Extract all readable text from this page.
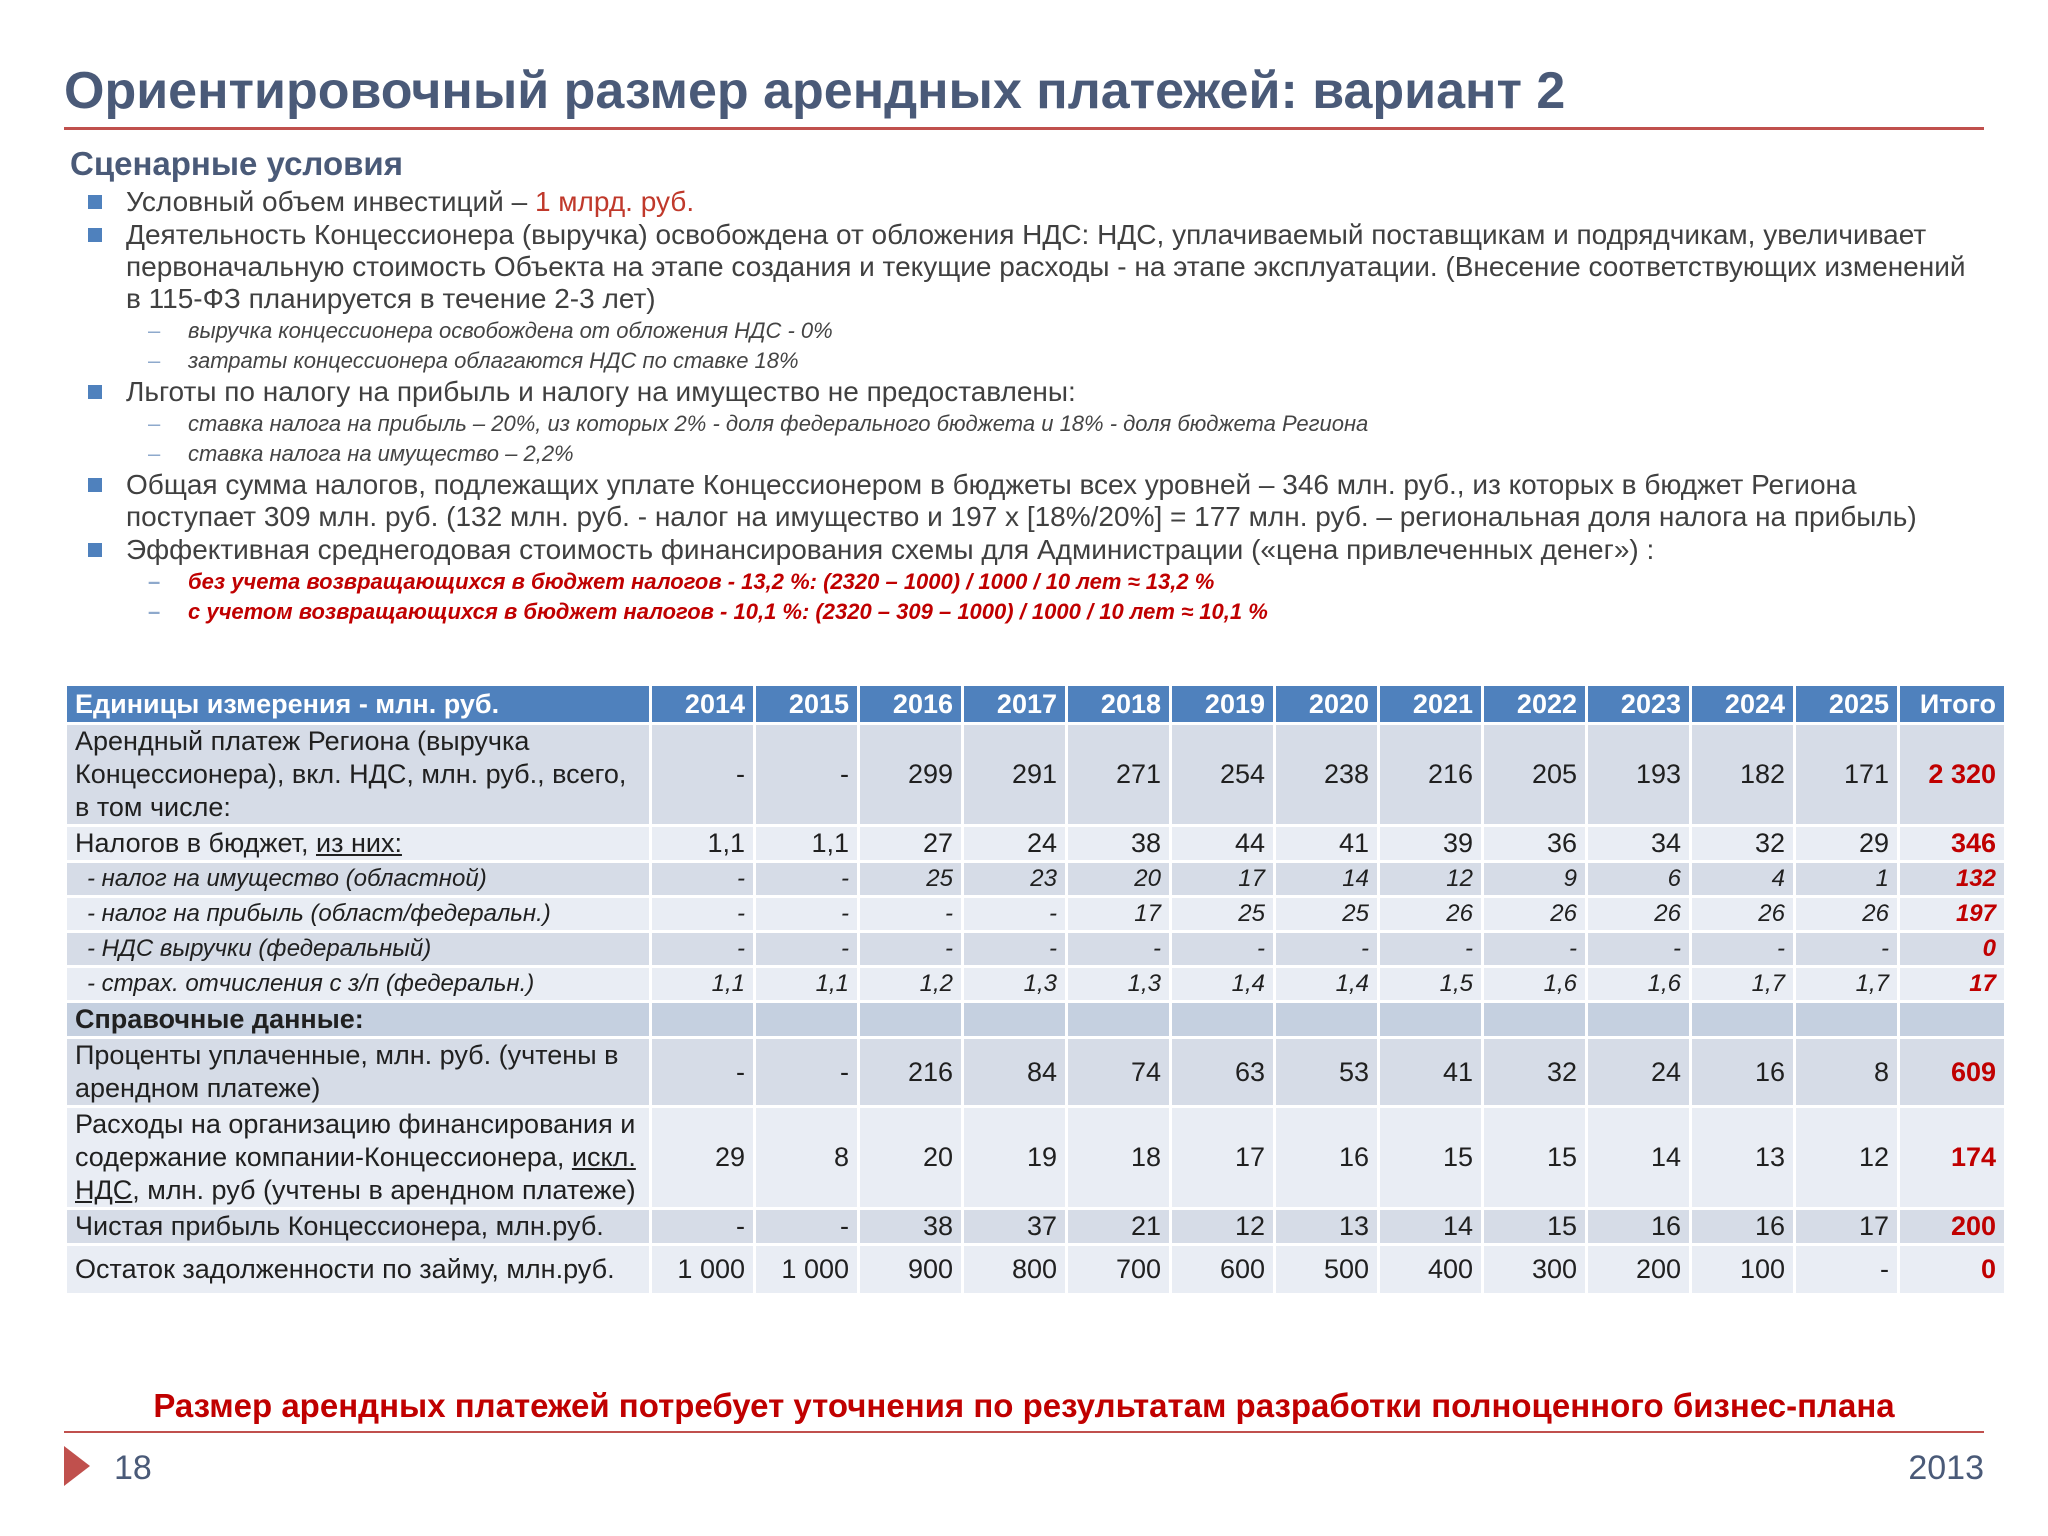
Ориентировочный размер арендных платежей: вариант 2
Сценарные условия
Условный объем инвестиций – 1 млрд. руб.
Деятельность Концессионера (выручка) освобождена от обложения НДС: НДС, уплачиваемый поставщикам и подрядчикам, увеличивает первоначальную стоимость Объекта на этапе создания и текущие расходы - на этапе эксплуатации. (Внесение соответствующих изменений в 115-ФЗ планируется в течение 2-3 лет)
– выручка концессионера освобождена от обложения НДС - 0%
– затраты концессионера облагаются НДС по ставке 18%
Льготы по налогу на прибыль и налогу на имущество не предоставлены:
– ставка налога на прибыль – 20%, из которых 2% - доля федерального бюджета и 18% - доля бюджета Региона
– ставка налога на имущество – 2,2%
Общая сумма налогов, подлежащих уплате Концессионером в бюджеты всех уровней – 346 млн. руб., из которых в бюджет Региона поступает 309 млн. руб. (132 млн. руб. - налог на имущество и 197 х [18%/20%] = 177 млн. руб. – региональная доля налога на прибыль)
Эффективная среднегодовая стоимость финансирования схемы для Администрации («цена привлеченных денег») :
– без учета возвращающихся в бюджет налогов - 13,2 %: (2320 – 1000) / 1000 / 10 лет ≈ 13,2 %
– с учетом возвращающихся в бюджет налогов - 10,1 %: (2320 – 309 – 1000) / 1000 / 10 лет ≈ 10,1 %
Единицы измерения - млн. руб.	2014	2015	2016	2017	2018	2019	2020	2021	2022	2023	2024	2025	Итого
Арендный платеж Региона (выручка Концессионера), вкл. НДС, млн. руб., всего, в том числе:	-	-	299	291	271	254	238	216	205	193	182	171	2 320
Налогов в бюджет, из них:	1,1	1,1	27	24	38	44	41	39	36	34	32	29	346
- налог на имущество (областной)	-	-	25	23	20	17	14	12	9	6	4	1	132
- налог на прибыль (област/федеральн.)	-	-	-	-	17	25	25	26	26	26	26	26	197
- НДС выручки (федеральный)	-	-	-	-	-	-	-	-	-	-	-	-	0
- страх. отчисления с з/п (федеральн.)	1,1	1,1	1,2	1,3	1,3	1,4	1,4	1,5	1,6	1,6	1,7	1,7	17
Справочные данные:													
Проценты уплаченные, млн. руб. (учтены в арендном платеже)	-	-	216	84	74	63	53	41	32	24	16	8	609
Расходы на организацию финансирования и содержание компании-Концессионера, искл. НДС, млн. руб (учтены в арендном платеже)	29	8	20	19	18	17	16	15	15	14	13	12	174
Чистая прибыль Концессионера, млн.руб.	-	-	38	37	21	12	13	14	15	16	16	17	200
Остаток задолженности по займу, млн.руб.	1 000	1 000	900	800	700	600	500	400	300	200	100	-	0
Размер арендных платежей потребует уточнения по результатам разработки полноценного бизнес-плана
18	2013
